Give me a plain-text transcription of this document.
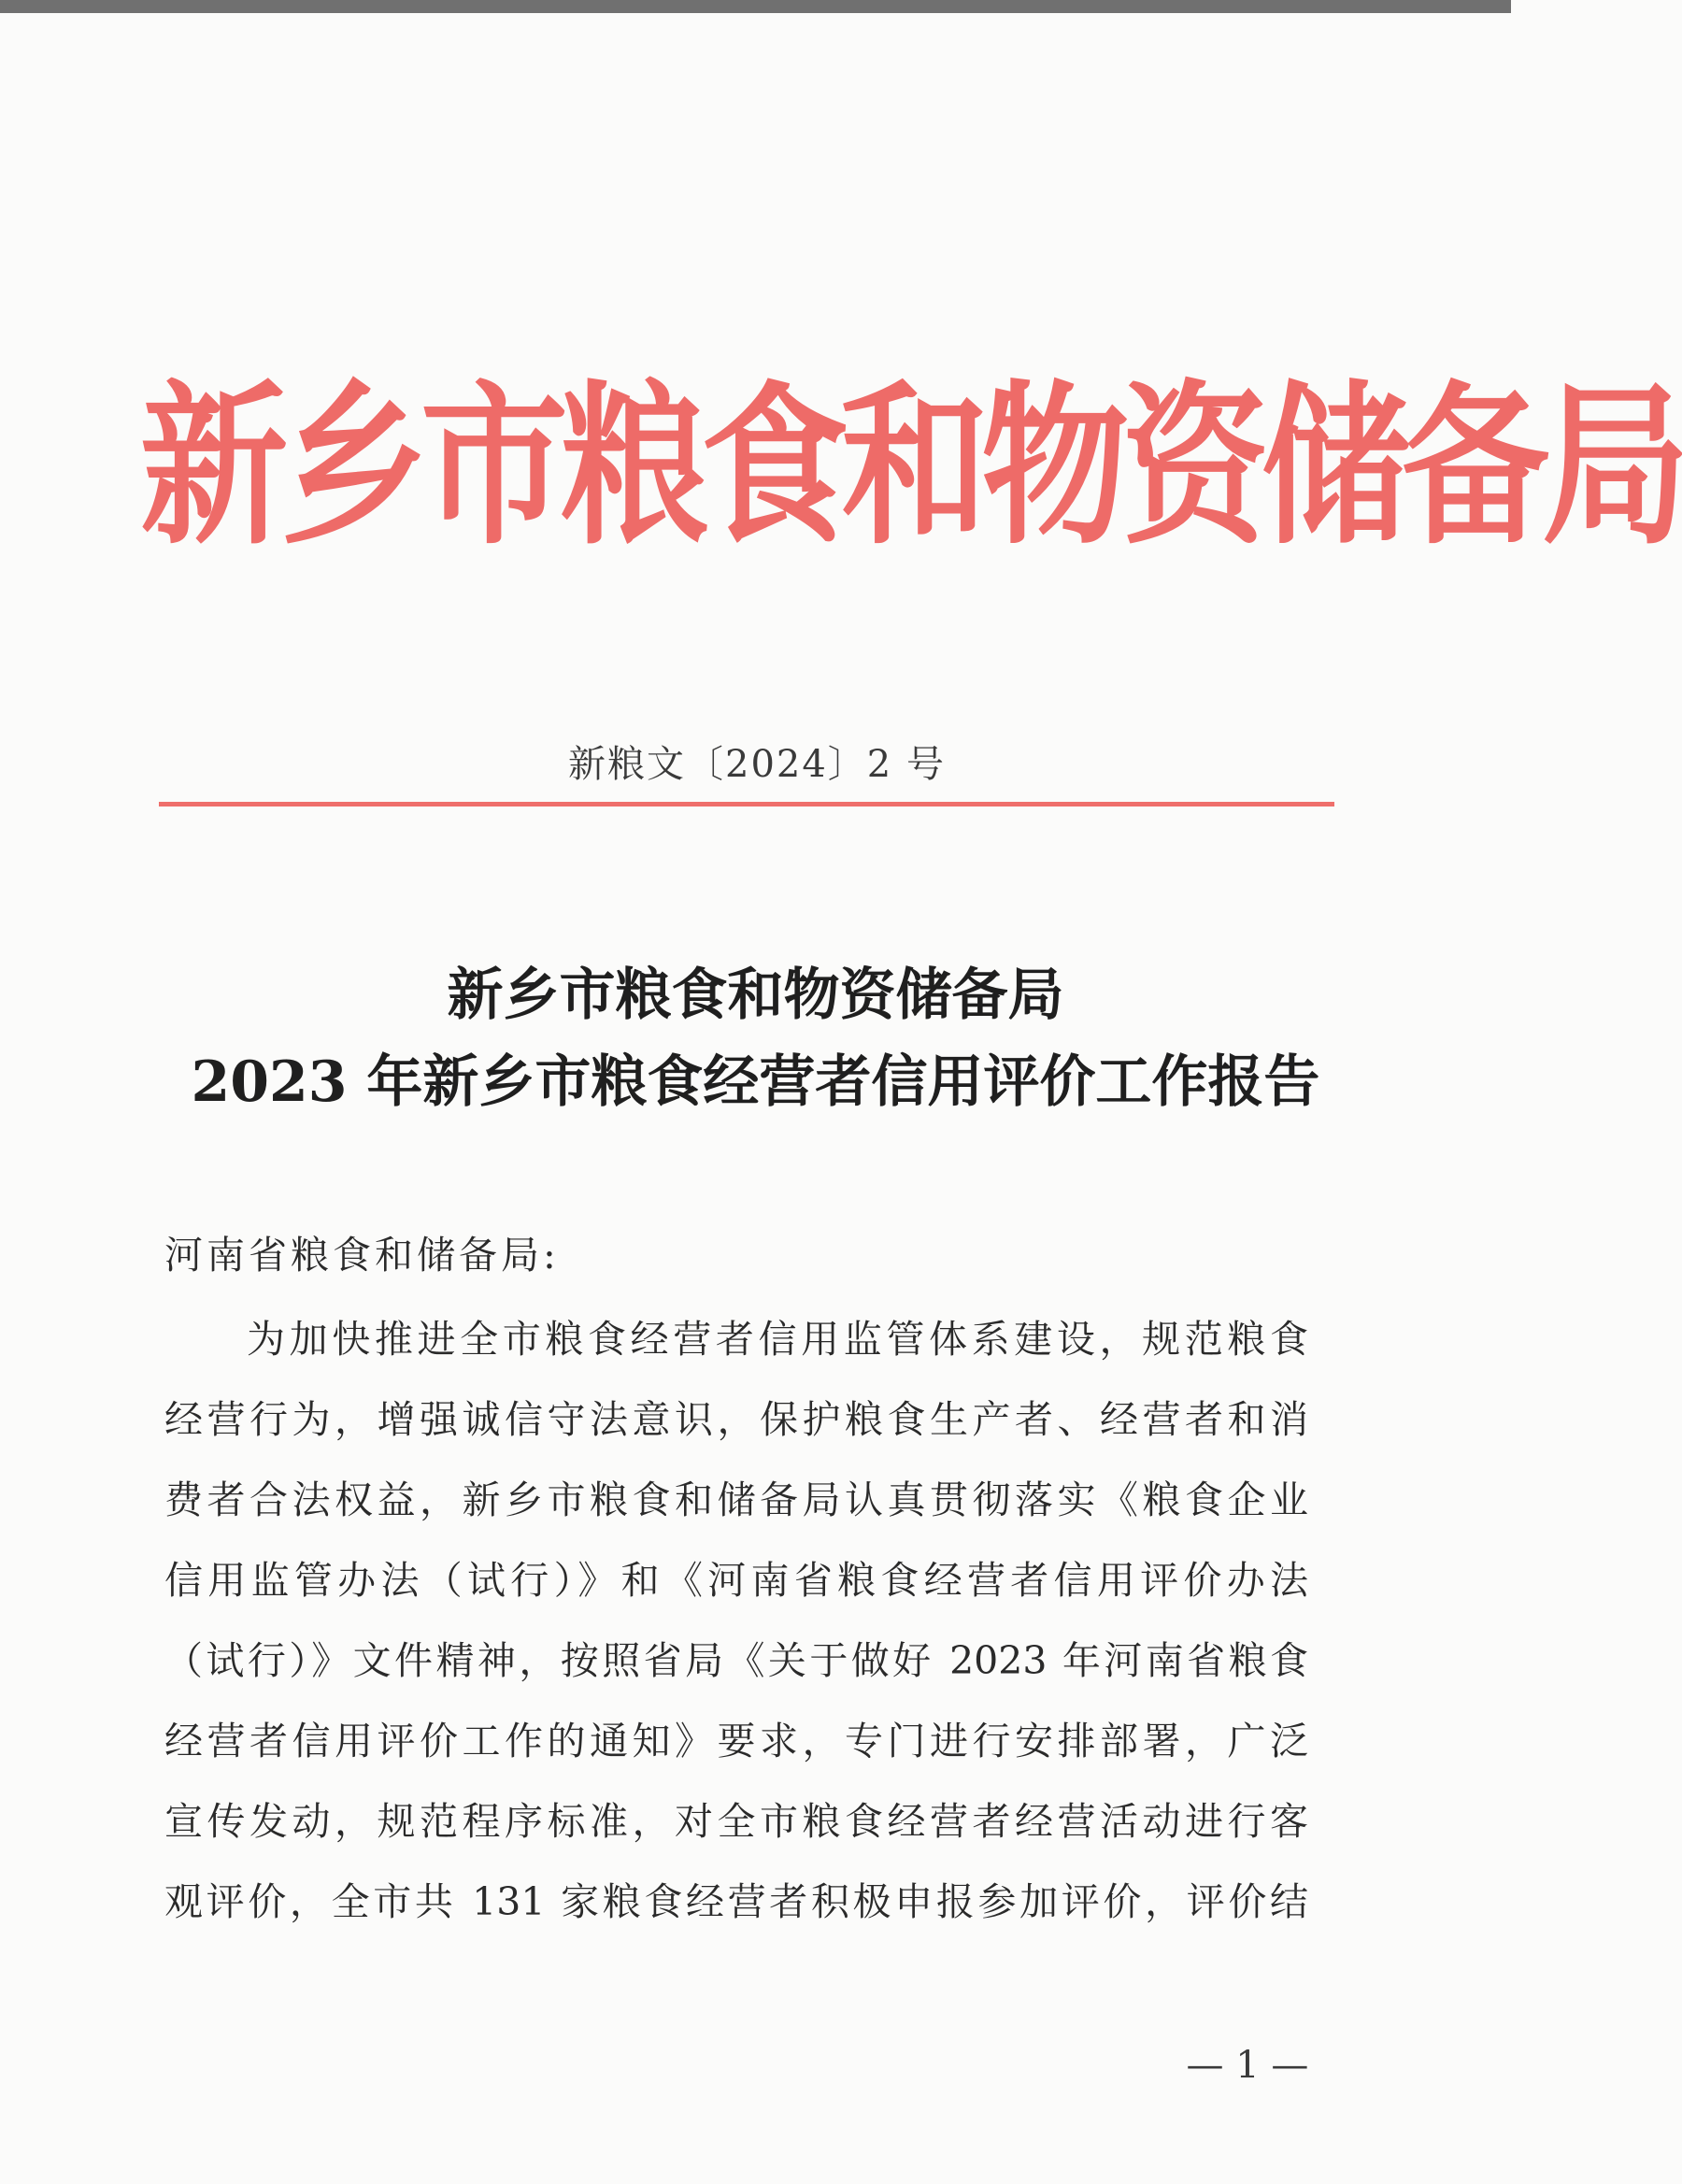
新乡市粮食和物资储备局
新粮文〔2024〕2 号
新乡市粮食和物资储备局
2023 年新乡市粮食经营者信用评价工作报告
河南省粮食和储备局:
为加快推进全市粮食经营者信用监管体系建设，规范粮食
经营行为，增强诚信守法意识，保护粮食生产者、经营者和消
费者合法权益，新乡市粮食和储备局认真贯彻落实《粮食企业
信用监管办法（试行）》和《河南省粮食经营者信用评价办法
（试行）》文件精神，按照省局《关于做好 2023 年河南省粮食
经营者信用评价工作的通知》要求，专门进行安排部署，广泛
宣传发动，规范程序标准，对全市粮食经营者经营活动进行客
观评价，全市共 131 家粮食经营者积极申报参加评价，评价结
— 1 —
